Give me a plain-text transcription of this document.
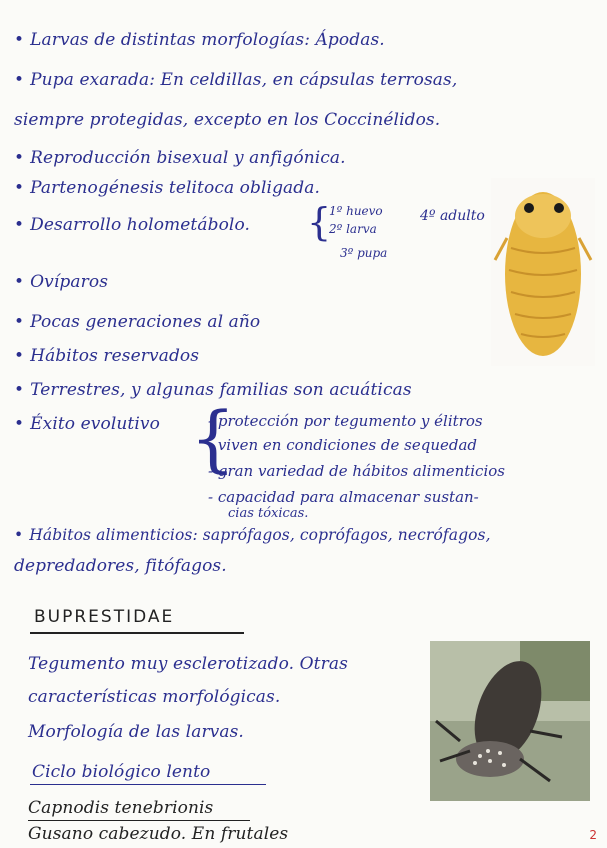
• Larvas de distintas morfologías: Ápodas.
• Pupa exarada: En celdillas, en cápsulas terrosas,
siempre protegidas, excepto en los Coccinélidos.
• Reproducción bisexual y anfigónica.
• Partenogénesis telitoca obligada.
• Desarrollo holometábolo. {
1º huevo
2º larva
3º pupa
4º adulto
• Ovíparos
• Pocas generaciones al año
• Hábitos reservados
• Terrestres, y algunas familias son acuáticas
• Éxito evolutivo {
- protección por tegumento y élitros
- viven en condiciones de sequedad
- gran variedad de hábitos alimenticios
- capacidad para almacenar sustan-
cias tóxicas.
• Hábitos alimenticios: saprófagos, coprófagos, necrófagos,
depredadores, fitófagos.
BUPRESTIDAE
Tegumento muy esclerotizado. Otras
características morfológicas.
Morfología de las larvas.
Ciclo biológico lento
Capnodis tenebrionis
Gusano cabezudo. En frutales	2
